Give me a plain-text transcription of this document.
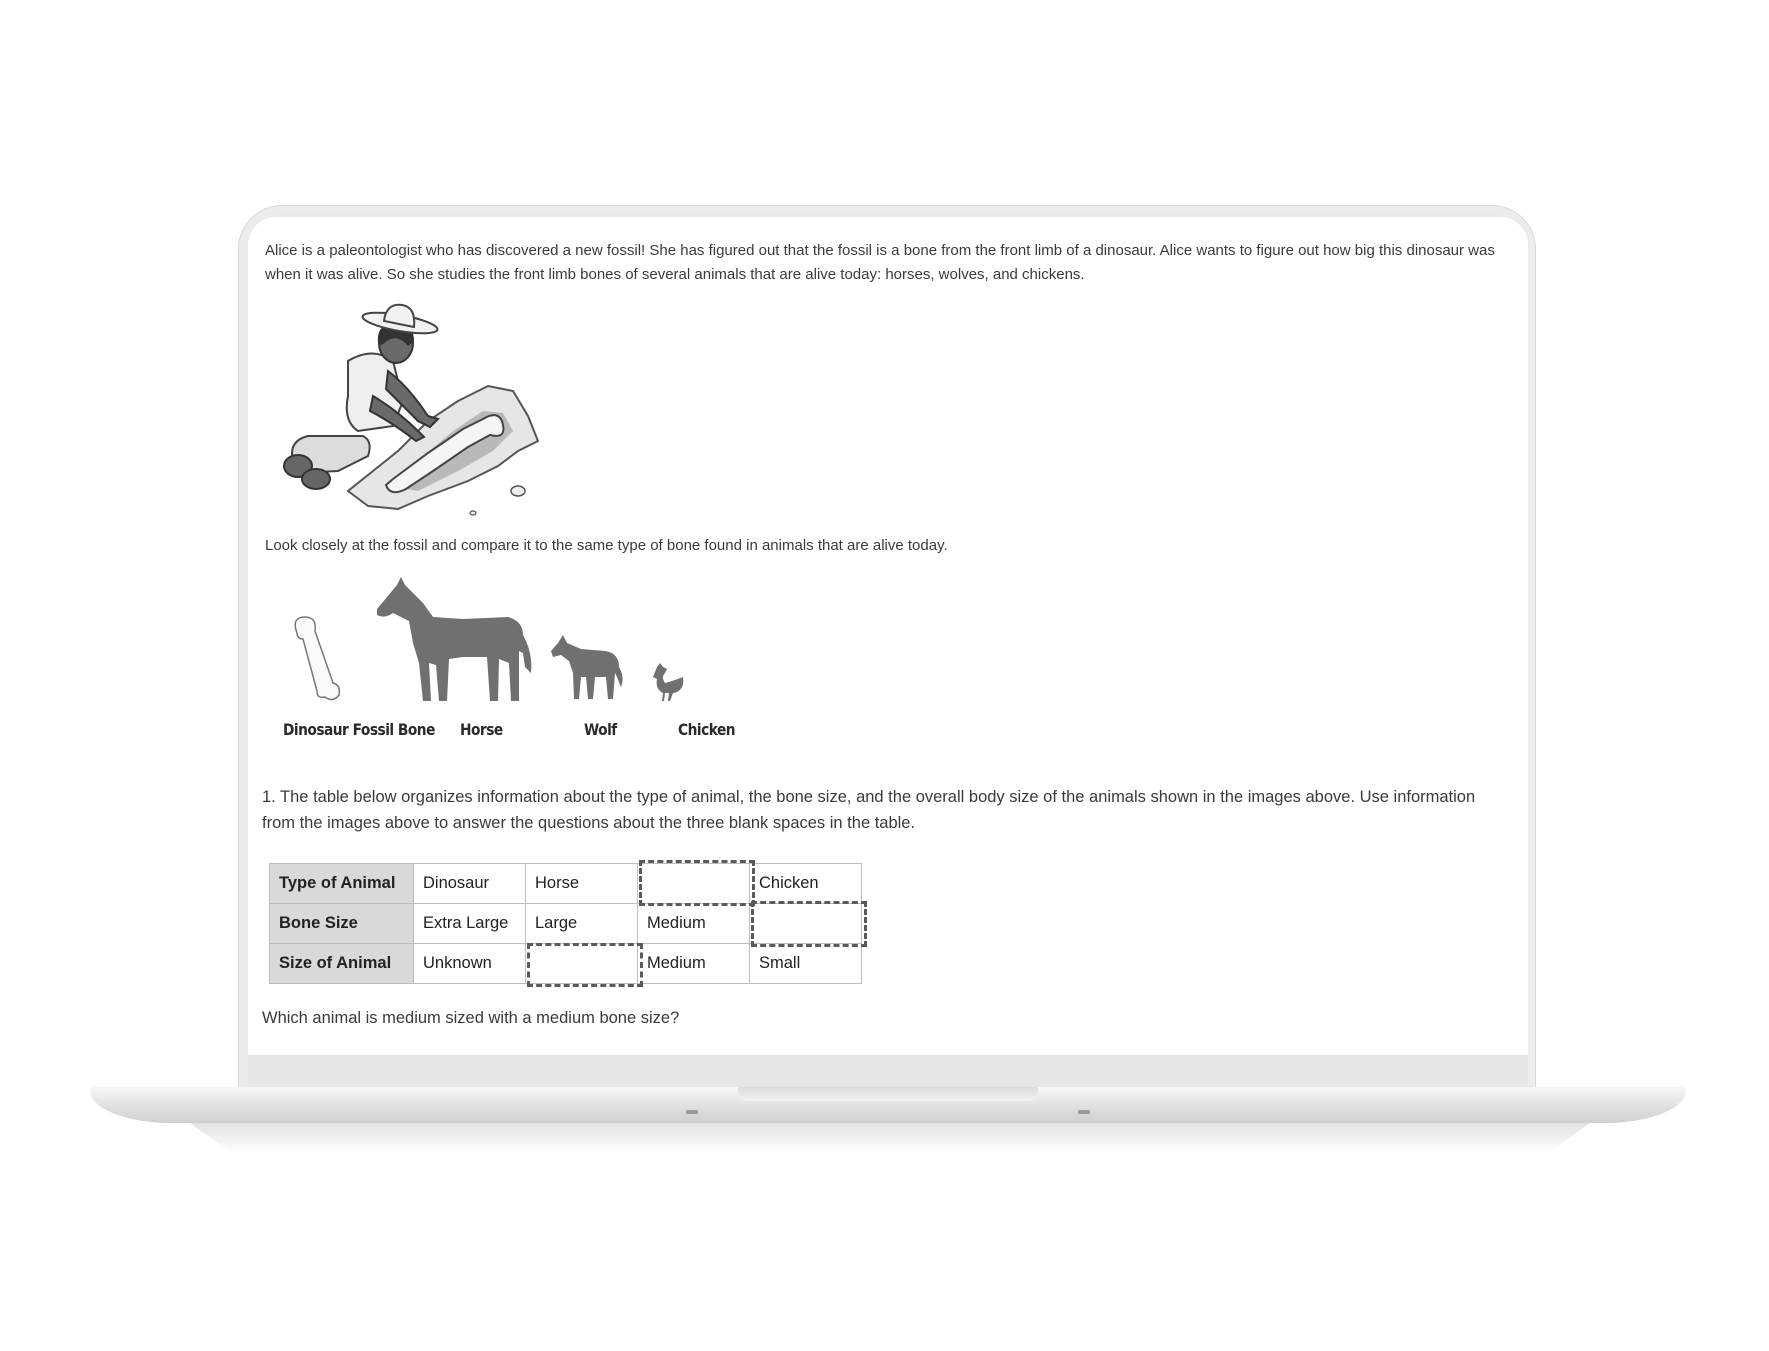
Alice is a paleontologist who has discovered a new fossil! She has figured out that the fossil is a bone from the front limb of a dinosaur. Alice wants to figure out how big this dinosaur was when it was alive. So she studies the front limb bones of several animals that are alive today: horses, wolves, and chickens.

Look closely at the fossil and compare it to the same type of bone found in animals that are alive today.

Dinosaur Fossil Bone Horse	Wolf	Chicken

1. The table below organizes information about the type of animal, the bone size, and the overall body size of the animals shown in the images above. Use information from the images above to answer the questions about the three blank spaces in the table.

Type of Animal	Dinosaur	Horse		Chicken
Bone Size	Extra Large	Large	Medium	
Size of Animal	Unknown		Medium	Small

Which animal is medium sized with a medium bone size?
